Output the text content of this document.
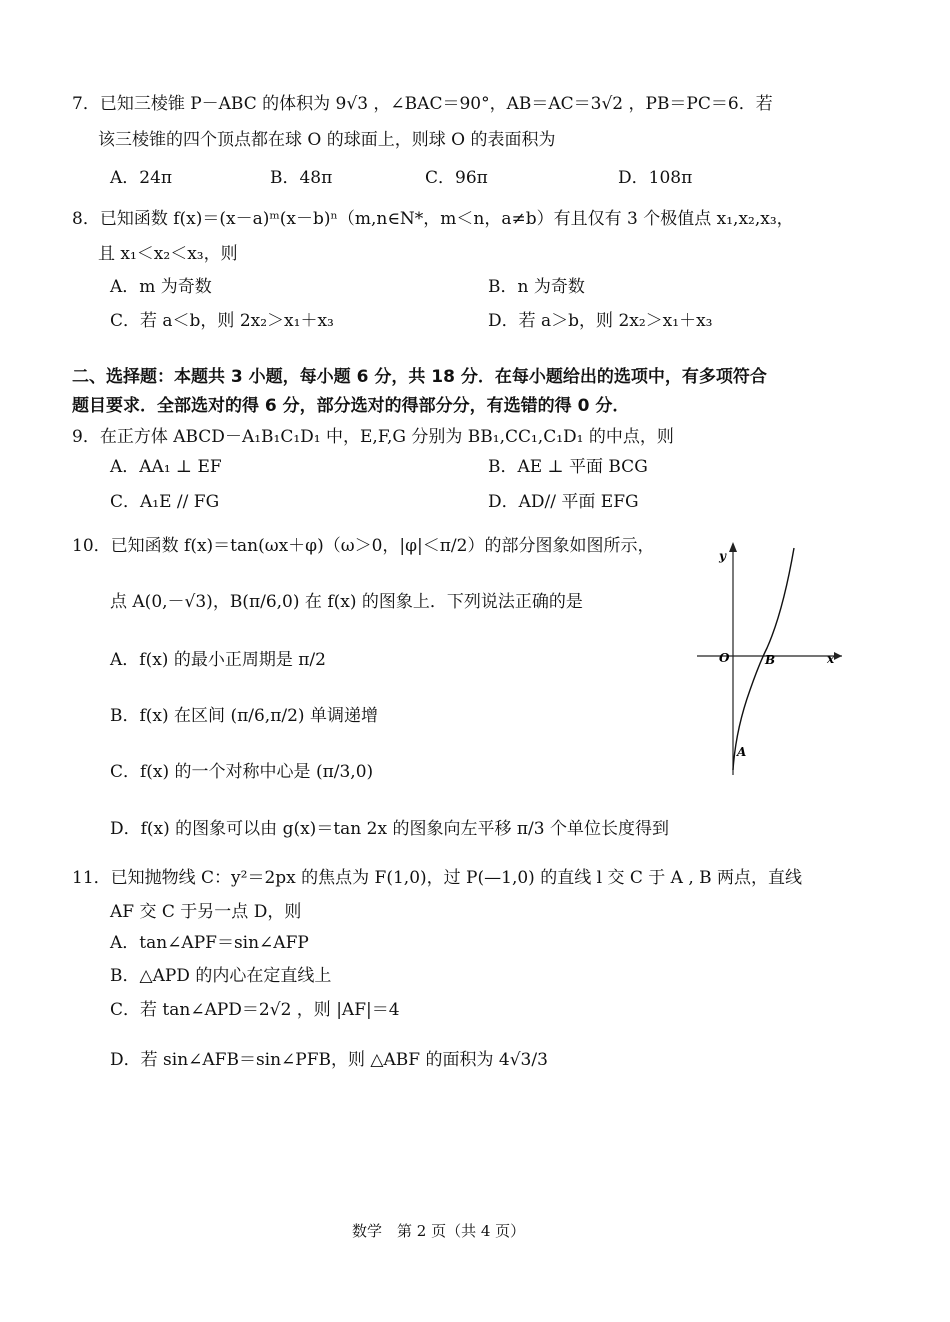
7．已知三棱锥 P－ABC 的体积为 9√3 ，∠BAC＝90°，AB＝AC＝3√2 ，PB＝PC＝6．若
该三棱锥的四个顶点都在球 O 的球面上，则球 O 的表面积为
A．24π	B．48π	C．96π	D．108π
8．已知函数 f(x)＝(x－a)ᵐ(x－b)ⁿ（m,n∈N*，m＜n，a≠b）有且仅有 3 个极值点 x₁,x₂,x₃，
且 x₁＜x₂＜x₃，则
A．m 为奇数	B．n 为奇数
C．若 a＜b，则 2x₂＞x₁＋x₃	D．若 a＞b，则 2x₂＞x₁＋x₃
二、选择题：本题共 3 小题，每小题 6 分，共 18 分．在每小题给出的选项中，有多项符合
题目要求．全部选对的得 6 分，部分选对的得部分分，有选错的得 0 分．
9．在正方体 ABCD－A₁B₁C₁D₁ 中，E,F,G 分别为 BB₁,CC₁,C₁D₁ 的中点，则
A．AA₁ ⊥ EF	B．AE ⊥ 平面 BCG
C．A₁E // FG	D．AD// 平面 EFG
10．已知函数 f(x)＝tan(ωx＋φ)（ω＞0，|φ|＜π/2）的部分图象如图所示，
点 A(0,－√3)，B(π/6,0) 在 f(x) 的图象上．下列说法正确的是
A．f(x) 的最小正周期是 π/2
B．f(x) 在区间 (π/6,π/2) 单调递增
C．f(x) 的一个对称中心是 (π/3,0)
D．f(x) 的图象可以由 g(x)＝tan 2x 的图象向左平移 π/3 个单位长度得到
y
x
O	B
A
11．已知抛物线 C：y²＝2px 的焦点为 F(1,0)，过 P(—1,0) 的直线 l 交 C 于 A , B 两点，直线
AF 交 C 于另一点 D，则
A．tan∠APF＝sin∠AFP
B．△APD 的内心在定直线上
C．若 tan∠APD＝2√2 ，则 |AF|＝4
D．若 sin∠AFB＝sin∠PFB，则 △ABF 的面积为 4√3/3
数学　第 2 页（共 4 页）
